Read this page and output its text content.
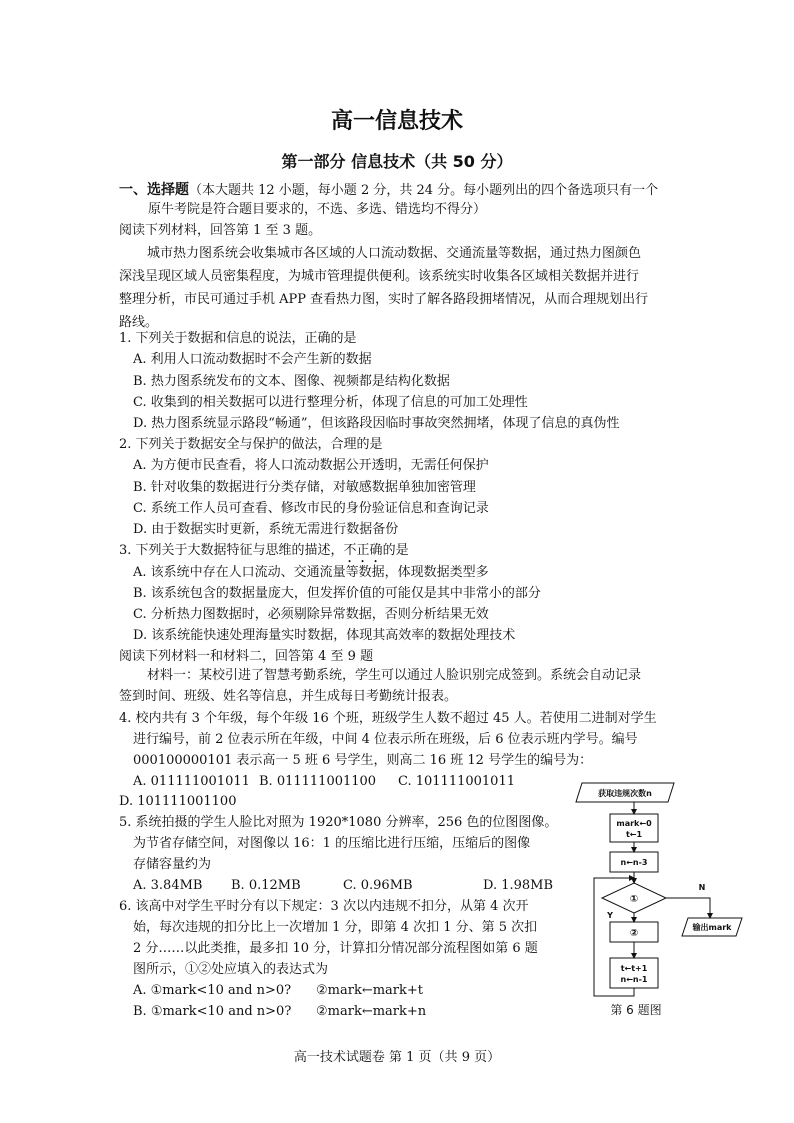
高一信息技术
第一部分 信息技术（共 50 分）
一、选择题（本大题共 12 小题，每小题 2 分，共 24 分。每小题列出的四个备选项只有一个
原牛考院是符合题目要求的，不选、多选、错选均不得分）
阅读下列材料，回答第 1 至 3 题。
城市热力图系统会收集城市各区域的人口流动数据、交通流量等数据，通过热力图颜色
深浅呈现区域人员密集程度，为城市管理提供便利。该系统实时收集各区域相关数据并进行
整理分析，市民可通过手机 APP 查看热力图，实时了解各路段拥堵情况，从而合理规划出行
路线。
1. 下列关于数据和信息的说法，正确的是
A. 利用人口流动数据时不会产生新的数据
B. 热力图系统发布的文本、图像、视频都是结构化数据
C. 收集到的相关数据可以进行整理分析，体现了信息的可加工处理性
D. 热力图系统显示路段“畅通”，但该路段因临时事故突然拥堵，体现了信息的真伪性
2. 下列关于数据安全与保护的做法，合理的是
A. 为方便市民查看，将人口流动数据公开透明，无需任何保护
B. 针对收集的数据进行分类存储，对敏感数据单独加密管理
C. 系统工作人员可查看、修改市民的身份验证信息和查询记录
D. 由于数据实时更新，系统无需进行数据备份
3. 下列关于大数据特征与思维的描述，不正确的是
A. 该系统中存在人口流动、交通流量等数据，体现数据类型多
B. 该系统包含的数据量庞大，但发挥价值的可能仅是其中非常小的部分
C. 分析热力图数据时，必须剔除异常数据，否则分析结果无效
D. 该系统能快速处理海量实时数据，体现其高效率的数据处理技术
阅读下列材料一和材料二，回答第 4 至 9 题
材料一：某校引进了智慧考勤系统，学生可以通过人脸识别完成签到。系统会自动记录
签到时间、班级、姓名等信息，并生成每日考勤统计报表。
4. 校内共有 3 个年级，每个年级 16 个班，班级学生人数不超过 45 人。若使用二进制对学生
进行编号，前 2 位表示所在年级，中间 4 位表示所在班级，后 6 位表示班内学号。编号
000100000101 表示高一 5 班 6 号学生，则高二 16 班 12 号学生的编号为：
A. 011111001011 B. 011111001100 C. 101111001011
D. 101111001100
5. 系统拍摄的学生人脸比对照为 1920*1080 分辨率，256 色的位图图像。
为节省存储空间，对图像以 16：1 的压缩比进行压缩，压缩后的图像
存储容量约为
A. 3.84MB B. 0.12MB	C. 0.96MB	D. 1.98MB
6. 该高中对学生平时分有以下规定：3 次以内违规不扣分，从第 4 次开
始，每次违规的扣分比上一次增加 1 分，即第 4 次扣 1 分、第 5 次扣
2 分……以此类推，最多扣 10 分，计算扣分情况部分流程图如第 6 题
图所示，①②处应填入的表达式为
A. ①mark<10 and n>0? ②mark←mark+t
B. ①mark<10 and n>0? ②mark←mark+n
获取违规次数n
mark←0
t←1
n←n-3
①
②
t←t+1
n←n-1
输出mark
Y
N
第 6 题图
高一技术试题卷 第 1 页（共 9 页）
